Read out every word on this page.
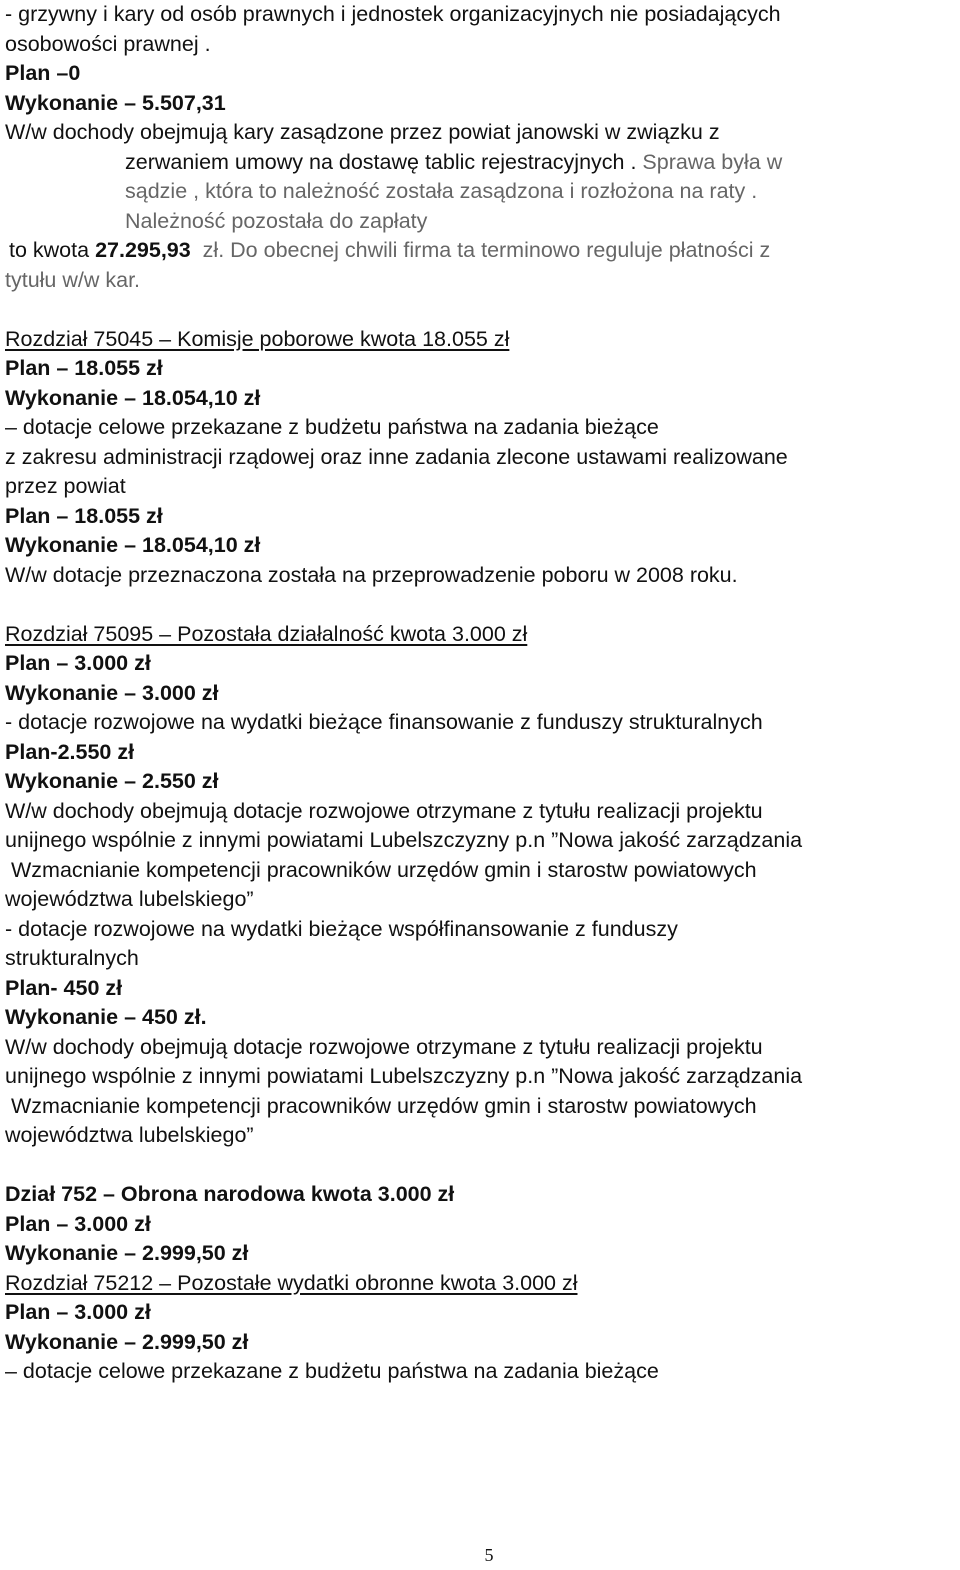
- grzywny i kary od osób prawnych i jednostek organizacyjnych nie posiadających
osobowości prawnej .
Plan –0
Wykonanie – 5.507,31
W/w dochody obejmują kary zasądzone przez powiat janowski w związku z
zerwaniem umowy na dostawę tablic rejestracyjnych . Sprawa była w
sądzie , która to należność została zasądzona i rozłożona na raty .
Należność pozostała do zapłaty
to kwota 27.295,93 zł. Do obecnej chwili firma ta terminowo reguluje płatności z
tytułu w/w kar.
Rozdział 75045 – Komisje poborowe kwota 18.055 zł
Plan – 18.055 zł
Wykonanie – 18.054,10 zł
– dotacje celowe przekazane z budżetu państwa na zadania bieżące
z zakresu administracji rządowej oraz inne zadania zlecone ustawami realizowane
przez powiat
Plan – 18.055 zł
Wykonanie – 18.054,10 zł
W/w dotacje przeznaczona została na przeprowadzenie poboru w 2008 roku.
Rozdział 75095 – Pozostała działalność kwota 3.000 zł
Plan – 3.000 zł
Wykonanie – 3.000 zł
- dotacje rozwojowe na wydatki bieżące finansowanie z funduszy strukturalnych
Plan-2.550 zł
Wykonanie – 2.550 zł
W/w dochody obejmują dotacje rozwojowe otrzymane z tytułu realizacji projektu
unijnego wspólnie z innymi powiatami Lubelszczyzny p.n ”Nowa jakość zarządzania
Wzmacnianie kompetencji pracowników urzędów gmin i starostw powiatowych
województwa lubelskiego”
- dotacje rozwojowe na wydatki bieżące współfinansowanie z funduszy
strukturalnych
Plan- 450 zł
Wykonanie – 450 zł.
W/w dochody obejmują dotacje rozwojowe otrzymane z tytułu realizacji projektu
unijnego wspólnie z innymi powiatami Lubelszczyzny p.n ”Nowa jakość zarządzania
Wzmacnianie kompetencji pracowników urzędów gmin i starostw powiatowych
województwa lubelskiego”
Dział 752 – Obrona narodowa kwota 3.000 zł
Plan – 3.000 zł
Wykonanie – 2.999,50 zł
Rozdział 75212 – Pozostałe wydatki obronne kwota 3.000 zł
Plan – 3.000 zł
Wykonanie – 2.999,50 zł
– dotacje celowe przekazane z budżetu państwa na zadania bieżące
5
